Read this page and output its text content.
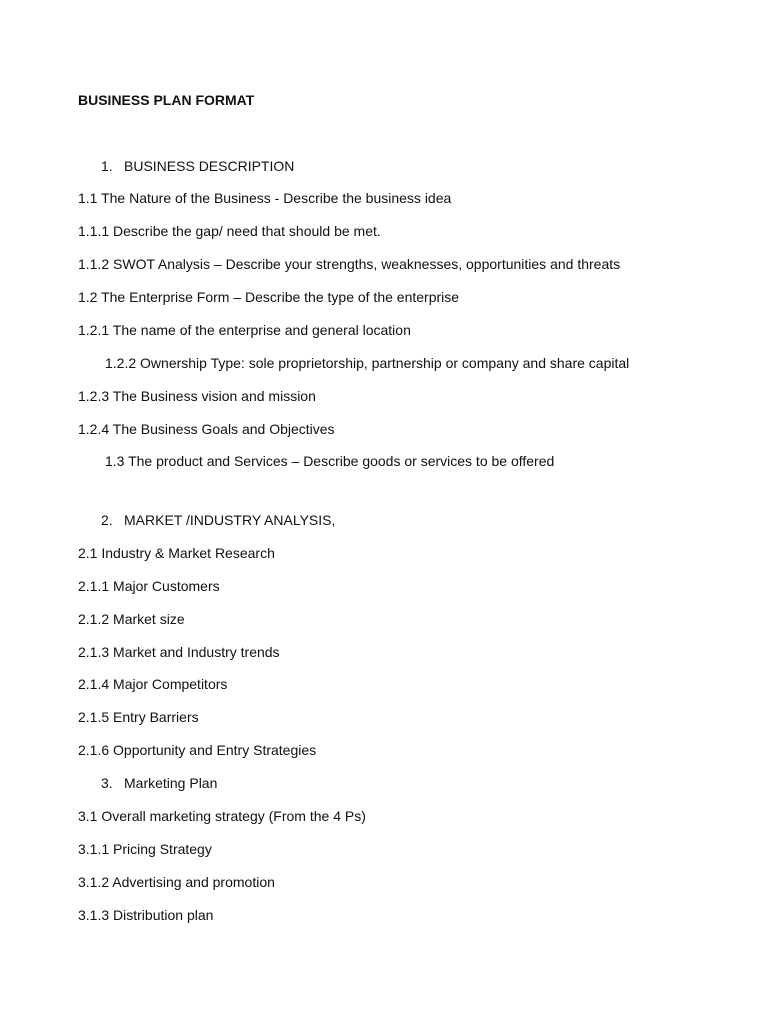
BUSINESS PLAN FORMAT
1. BUSINESS DESCRIPTION
1.1 The Nature of the Business - Describe the business idea
1.1.1 Describe the gap/ need that should be met.
1.1.2 SWOT Analysis – Describe your strengths, weaknesses, opportunities and threats
1.2 The Enterprise Form – Describe the type of the enterprise
1.2.1 The name of the enterprise and general location
1.2.2 Ownership Type: sole proprietorship, partnership or company and share capital
1.2.3 The Business vision and mission
1.2.4 The Business Goals and Objectives
1.3 The product and Services – Describe goods or services to be offered
2. MARKET /INDUSTRY ANALYSIS,
2.1 Industry & Market Research
2.1.1 Major Customers
2.1.2 Market size
2.1.3 Market and Industry trends
2.1.4 Major Competitors
2.1.5 Entry Barriers
2.1.6 Opportunity and Entry Strategies
3. Marketing Plan
3.1 Overall marketing strategy (From the 4 Ps)
3.1.1 Pricing Strategy
3.1.2 Advertising and promotion
3.1.3 Distribution plan
